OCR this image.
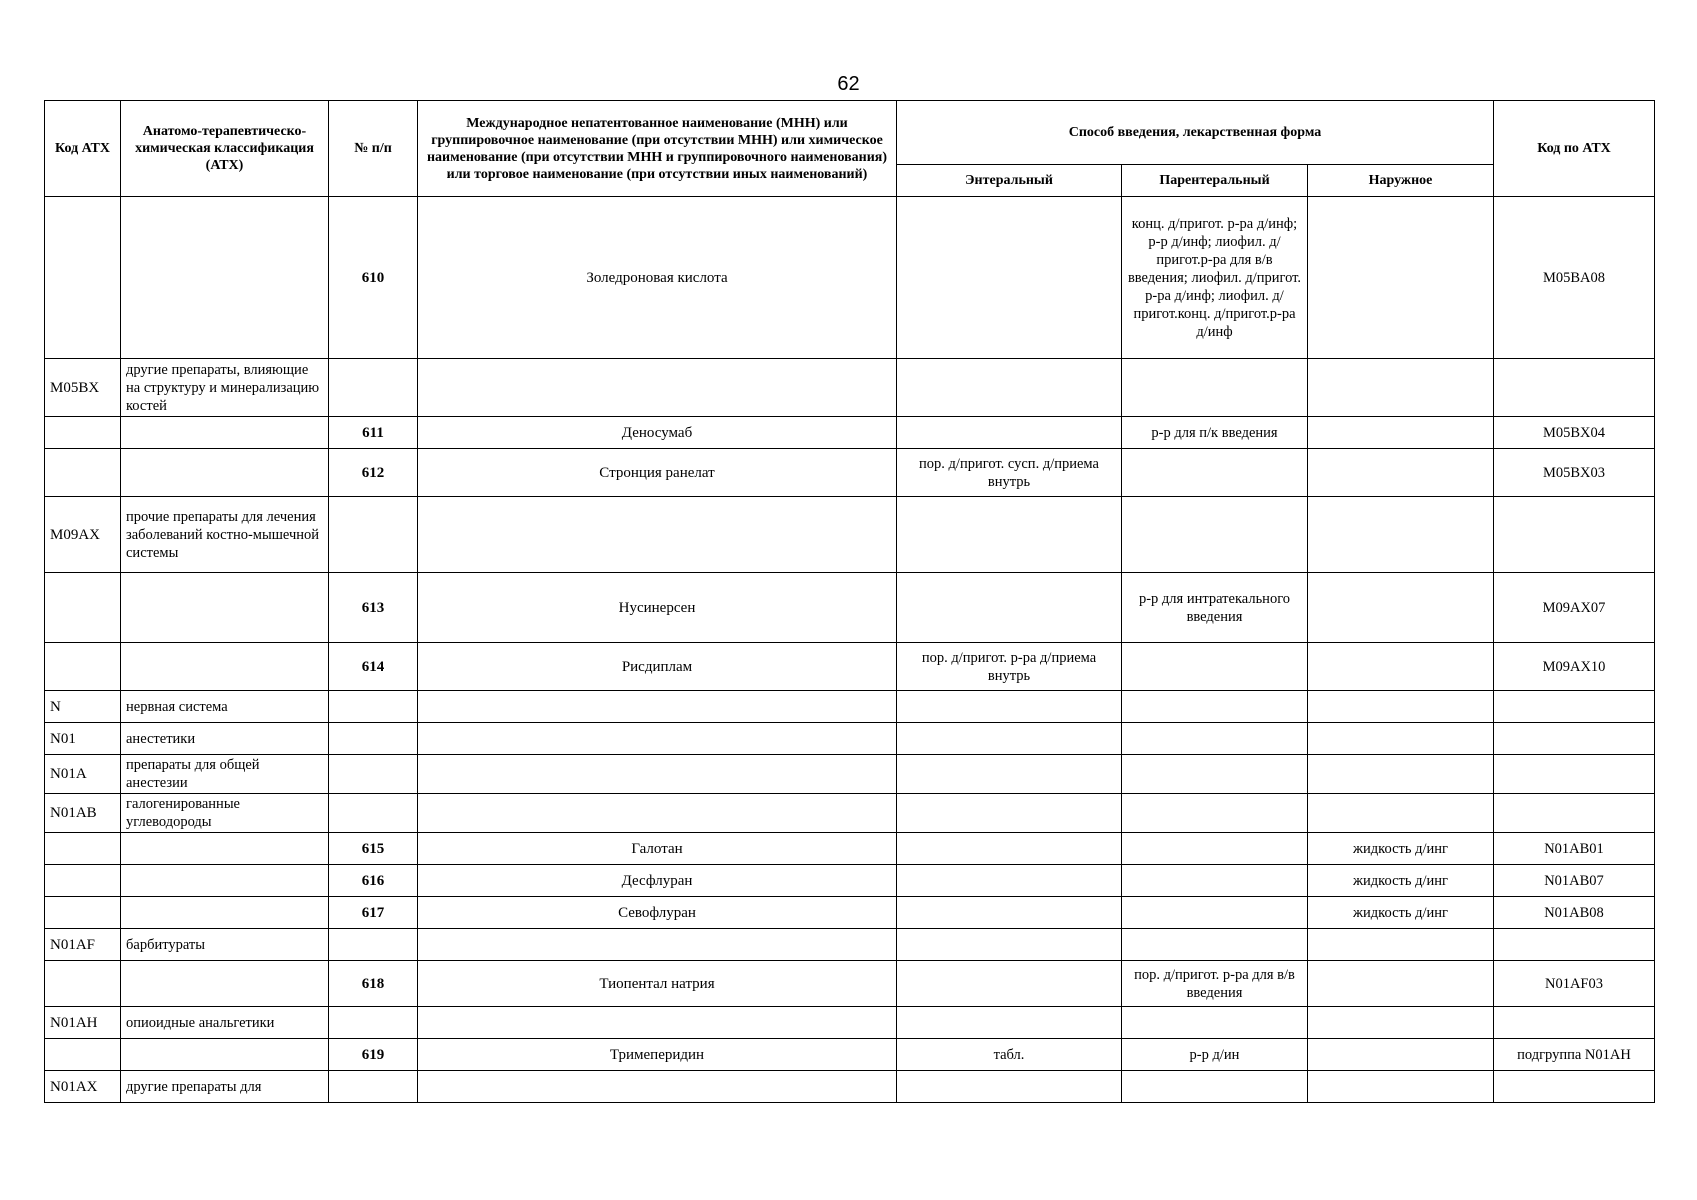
62
Код АТХ	Анатомо-терапевтическо-химическая классификация (АТХ)	№ п/п	Международное непатентованное наименование (МНН) или группировочное наименование (при отсутствии МНН) или химическое наименование (при отсутствии МНН и группировочного наименования) или торговое наименование (при отсутствии иных наименований)	Способ введения, лекарственная форма			Код по АТХ
				Энтеральный	Парентеральный	Наружное	
		610	Золедроновая кислота		конц. д/пригот. р-ра д/инф; р-р д/инф; лиофил. д/пригот.р-ра для в/в введения; лиофил. д/пригот. р-ра д/инф; лиофил. д/пригот.конц. д/пригот.р-ра д/инф		M05BA08
M05BX	другие препараты, влияющие на структуру и минерализацию костей						
		611	Деносумаб		р-р для п/к введения		M05BX04
		612	Стронция ранелат	пор. д/пригот. сусп. д/приема внутрь			M05BX03
M09AX	прочие препараты для лечения заболеваний костно-мышечной системы						
		613	Нусинерсен		р-р для интратекального введения		M09AX07
		614	Рисдиплам	пор. д/пригот. р-ра д/приема внутрь			M09AX10
N	нервная система						
N01	анестетики						
N01A	препараты для общей анестезии						
N01AB	галогенированные углеводороды						
		615	Галотан			жидкость д/инг	N01AB01
		616	Десфлуран			жидкость д/инг	N01AB07
		617	Севофлуран			жидкость д/инг	N01AB08
N01AF	барбитураты						
		618	Тиопентал натрия		пор. д/пригот. р-ра для в/в введения		N01AF03
N01AH	опиоидные анальгетики						
		619	Тримеперидин	табл.	р-р д/ин		подгруппа N01AH
N01AX	другие препараты для						
